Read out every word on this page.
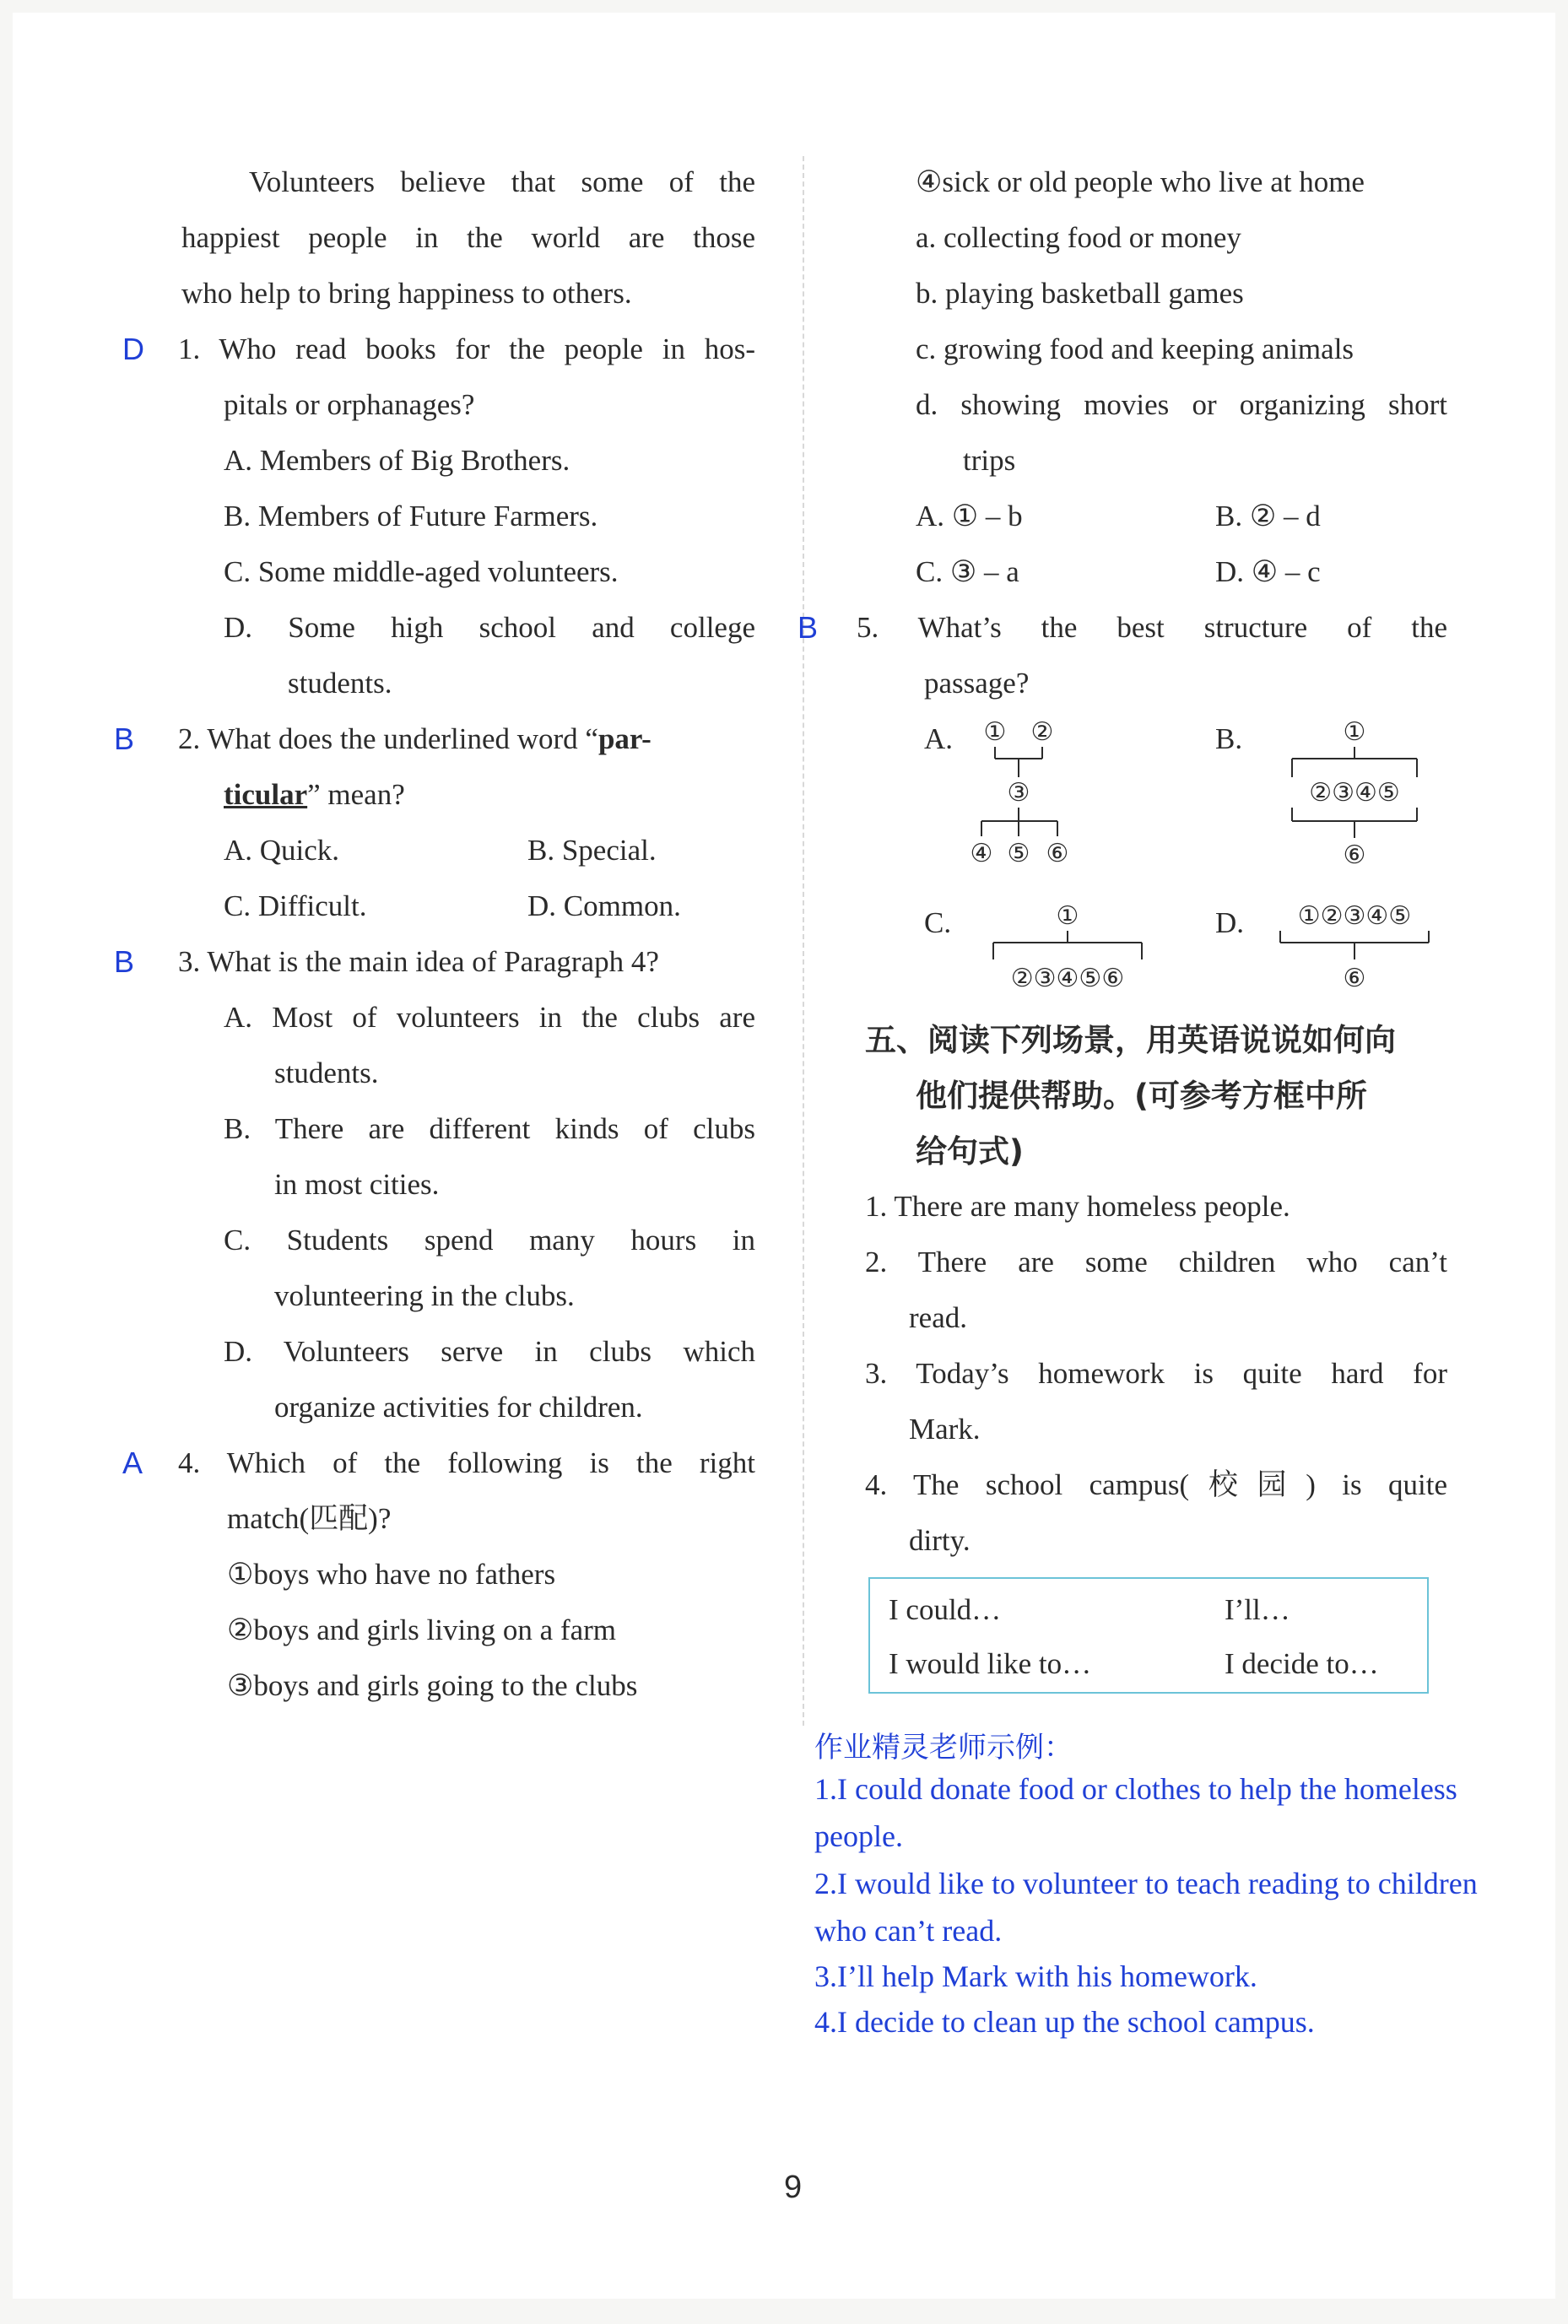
Volunteers believe that some of the
happiest people in the world are those
who help to bring happiness to others.
D 1. Who read books for the people in hos-
pitals or orphanages?
A. Members of Big Brothers.
B. Members of Future Farmers.
C. Some middle-aged volunteers.
D. Some high school and college
students.
B 2. What does the underlined word “par-
ticular” mean?
A. Quick.	B. Special.
C. Difficult.	D. Common.
B 3. What is the main idea of Paragraph 4?
A. Most of volunteers in the clubs are
students.
B. There are different kinds of clubs
in most cities.
C. Students spend many hours in
volunteering in the clubs.
D. Volunteers serve in clubs which
organize activities for children.
A 4. Which of the following is the right
match(匹配)?
①boys who have no fathers
②boys and girls living on a farm
③boys and girls going to the clubs
④sick or old people who live at home
a. collecting food or money
b. playing basketball games
c. growing food and keeping animals
d. showing movies or organizing short
trips
A. ① – b	B. ② – d
C. ③ – a	D. ④ – c
B 5. What’s the best structure of the
passage?
A. ① ②
③
④ ⑤ ⑥
B.	①
②③④⑤
⑥
C.	①
②③④⑤⑥
D. ①②③④⑤
⑥
五、阅读下列场景，用英语说说如何向
他们提供帮助。(可参考方框中所
给句式)
1. There are many homeless people.
2. There are some children who can’t
read.
3. Today’s homework is quite hard for
Mark.
4. The school campus(校园) is quite
dirty.
I could…	I’ll…
I would like to…	I decide to…
作业精灵老师示例：
1.I could donate food or clothes to help the homeless
people.
2.I would like to volunteer to teach reading to children
who can’t read.
3.I’ll help Mark with his homework.
4.I decide to clean up the school campus.
9
